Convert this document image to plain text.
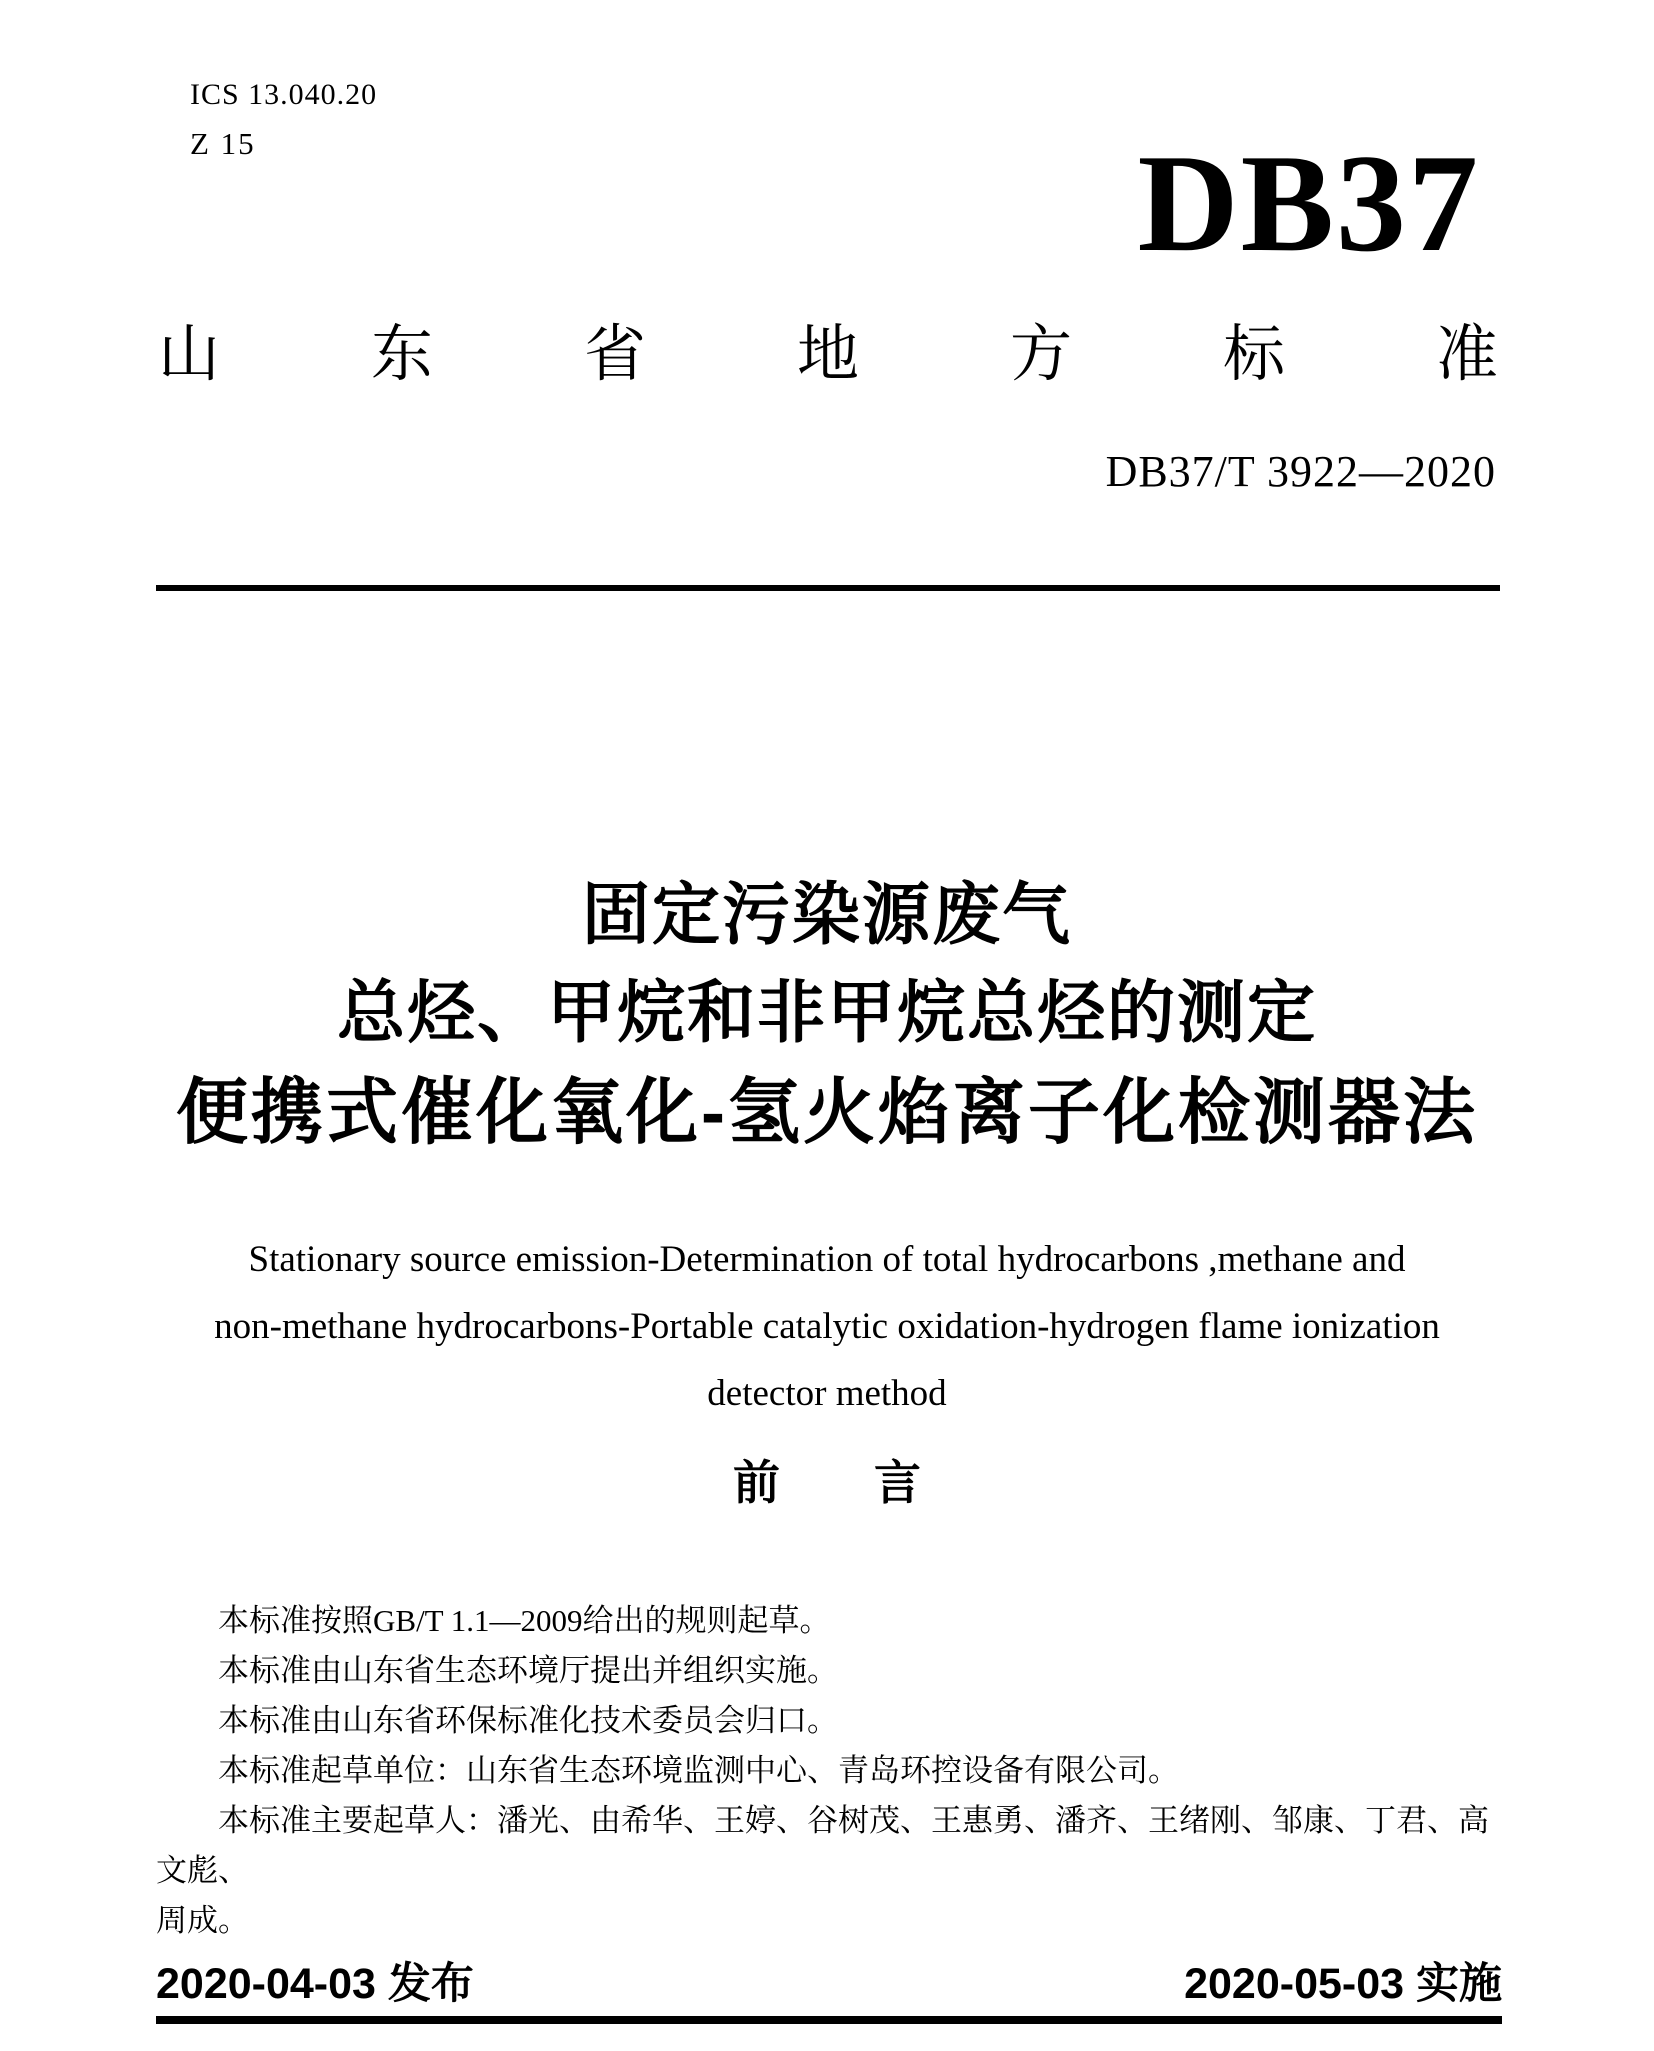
ICS 13.040.20
Z 15	DB37
山东省地方标准
DB37/T 3922—2020
固定污染源废气
总烃、甲烷和非甲烷总烃的测定
便携式催化氧化-氢火焰离子化检测器法
Stationary source emission-Determination of total hydrocarbons ,methane and
non-methane hydrocarbons-Portable catalytic oxidation-hydrogen flame ionization
detector method
前　　言
本标准按照GB/T 1.1—2009给出的规则起草。
本标准由山东省生态环境厅提出并组织实施。
本标准由山东省环保标准化技术委员会归口。
本标准起草单位：山东省生态环境监测中心、青岛环控设备有限公司。
本标准主要起草人：潘光、由希华、王婷、谷树茂、王惠勇、潘齐、王绪刚、邹康、丁君、高文彪、
周成。
2020-04-03 发布	2020-05-03 实施
